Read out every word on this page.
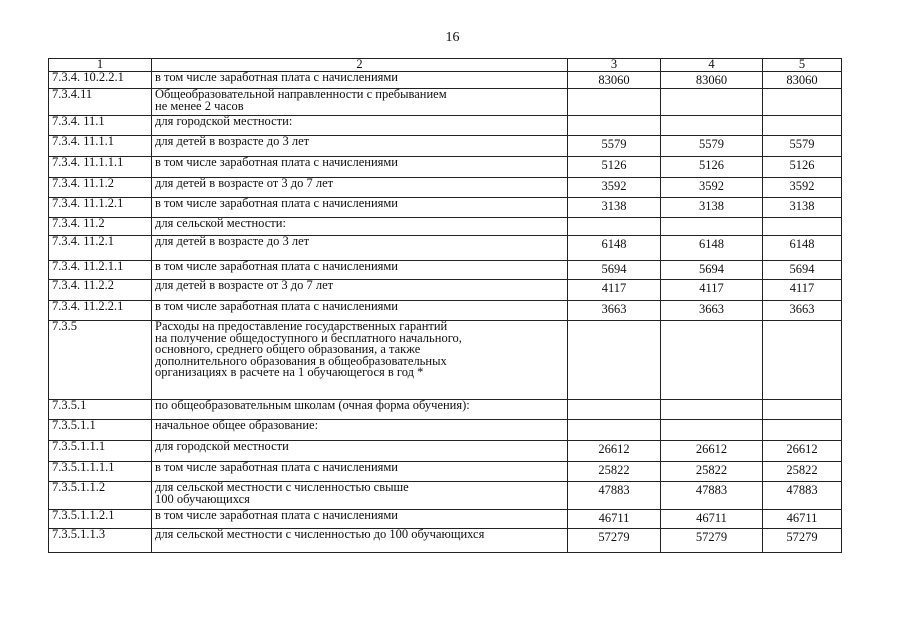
16
1	2	3	4	5
7.3.4. 10.2.2.1	в том числе заработная плата с начислениями	83060	83060	83060
7.3.4.11	Общеобразовательной направленности с пребыванием
не менее 2 часов			
7.3.4. 11.1	для городской местности:			
7.3.4. 11.1.1	для детей в возрасте до 3 лет	5579	5579	5579
7.3.4. 11.1.1.1	в том числе заработная плата с начислениями	5126	5126	5126
7.3.4. 11.1.2	для детей в возрасте от 3 до 7 лет	3592	3592	3592
7.3.4. 11.1.2.1	в том числе заработная плата с начислениями	3138	3138	3138
7.3.4. 11.2	для сельской местности:			
7.3.4. 11.2.1	для детей в возрасте до 3 лет	6148	6148	6148
7.3.4. 11.2.1.1	в том числе заработная плата с начислениями	5694	5694	5694
7.3.4. 11.2.2	для детей в возрасте от 3 до 7 лет	4117	4117	4117
7.3.4. 11.2.2.1	в том числе заработная плата с начислениями	3663	3663	3663
7.3.5	Расходы на предоставление государственных гарантий
на получение общедоступного и бесплатного начального,
основного, среднего общего образования, а также
дополнительного образования в общеобразовательных
организациях в расчете на 1 обучающегося в год *			
7.3.5.1	по общеобразовательным школам (очная форма обучения):			
7.3.5.1.1	начальное общее образование:			
7.3.5.1.1.1	для городской местности	26612	26612	26612
7.3.5.1.1.1.1	в том числе заработная плата с начислениями	25822	25822	25822
7.3.5.1.1.2	для сельской местности с численностью свыше
100 обучающихся	47883	47883	47883
7.3.5.1.1.2.1	в том числе заработная плата с начислениями	46711	46711	46711
7.3.5.1.1.3	для сельской местности с численностью до 100 обучающихся	57279	57279	57279
